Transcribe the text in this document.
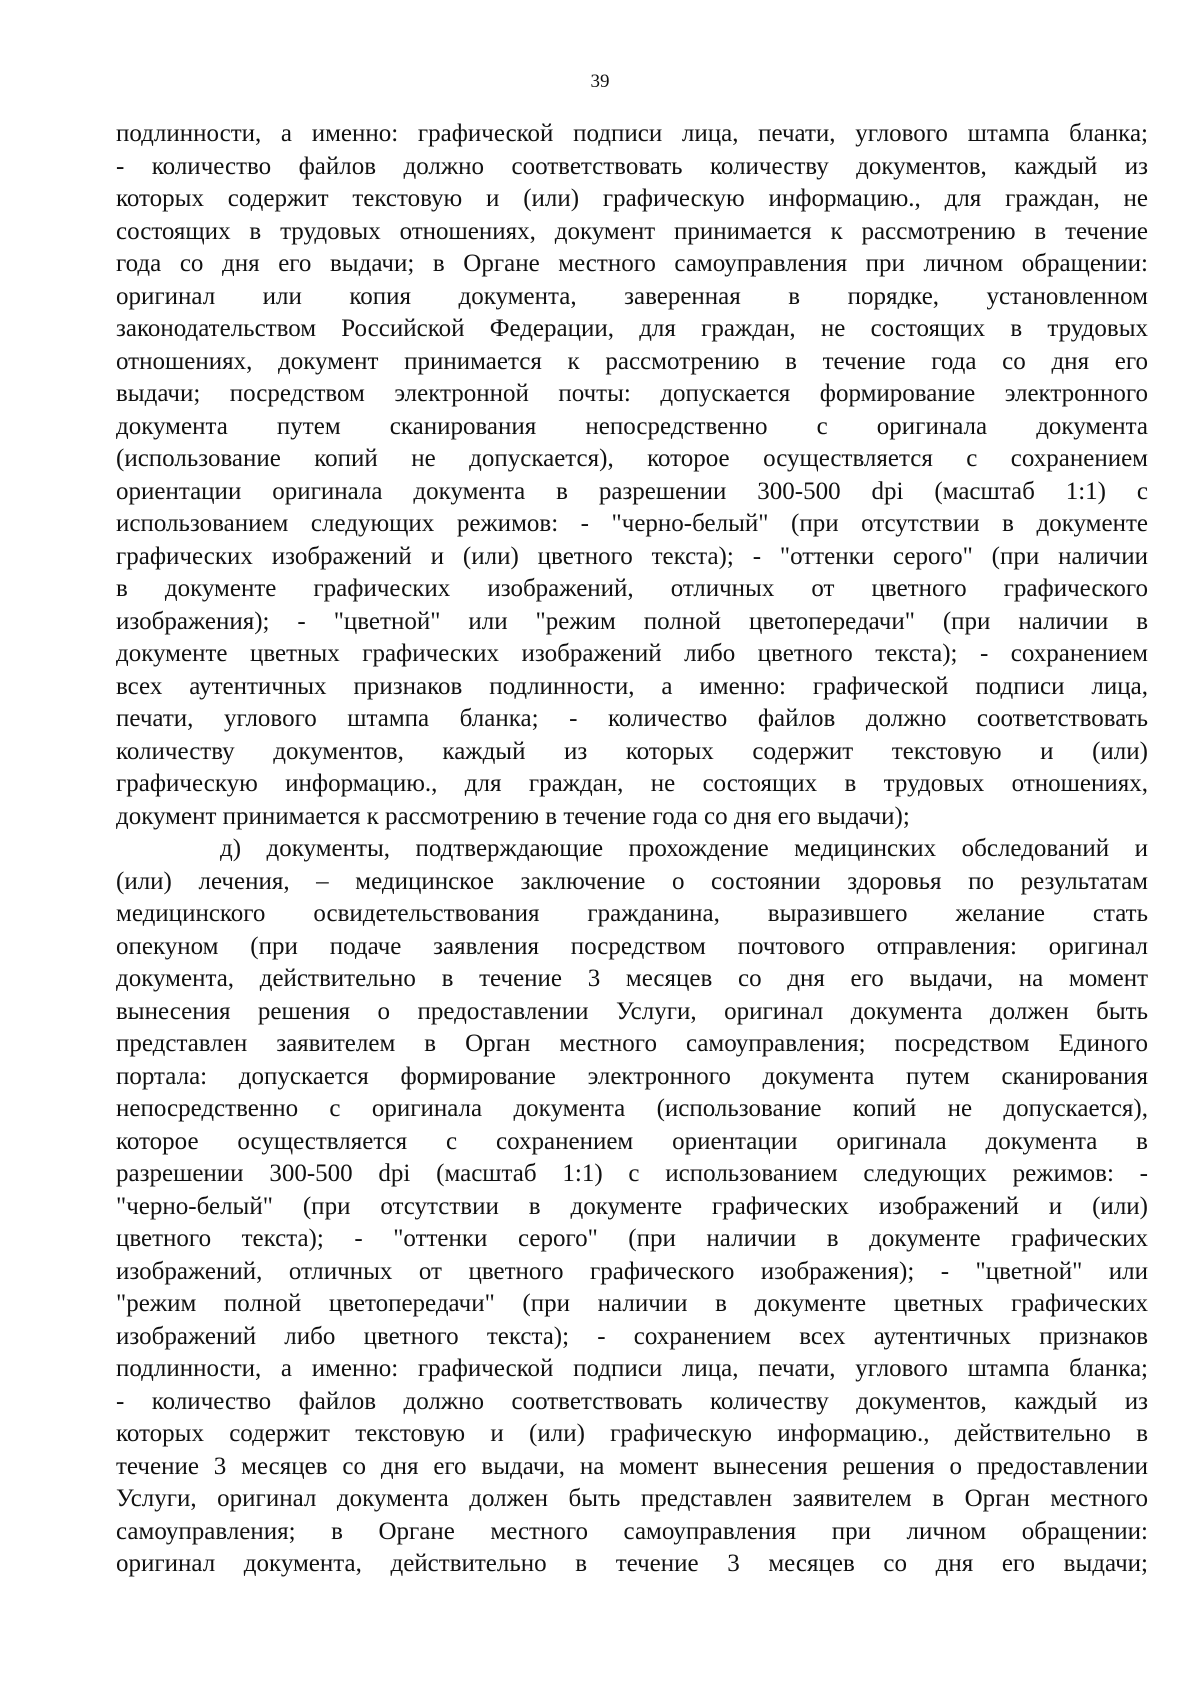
39
подлинности, а именно: графической подписи лица, печати, углового штампа бланка;
- количество файлов должно соответствовать количеству документов, каждый из
которых содержит текстовую и (или) графическую информацию., для граждан, не
состоящих в трудовых отношениях, документ принимается к рассмотрению в течение
года со дня его выдачи; в Органе местного самоуправления при личном обращении:
оригинал или копия документа, заверенная в порядке, установленном
законодательством Российской Федерации, для граждан, не состоящих в трудовых
отношениях, документ принимается к рассмотрению в течение года со дня его
выдачи; посредством электронной почты: допускается формирование электронного
документа путем сканирования непосредственно с оригинала документа
(использование копий не допускается), которое осуществляется с сохранением
ориентации оригинала документа в разрешении 300-500 dpi (масштаб 1:1) с
использованием следующих режимов: - "черно-белый" (при отсутствии в документе
графических изображений и (или) цветного текста); - "оттенки серого" (при наличии
в документе графических изображений, отличных от цветного графического
изображения); - "цветной" или "режим полной цветопередачи" (при наличии в
документе цветных графических изображений либо цветного текста); - сохранением
всех аутентичных признаков подлинности, а именно: графической подписи лица,
печати, углового штампа бланка; - количество файлов должно соответствовать
количеству документов, каждый из которых содержит текстовую и (или)
графическую информацию., для граждан, не состоящих в трудовых отношениях,
документ принимается к рассмотрению в течение года со дня его выдачи);
д) документы, подтверждающие прохождение медицинских обследований и
(или) лечения, – медицинское заключение о состоянии здоровья по результатам
медицинского освидетельствования гражданина, выразившего желание стать
опекуном (при подаче заявления посредством почтового отправления: оригинал
документа, действительно в течение 3 месяцев со дня его выдачи, на момент
вынесения решения о предоставлении Услуги, оригинал документа должен быть
представлен заявителем в Орган местного самоуправления; посредством Единого
портала: допускается формирование электронного документа путем сканирования
непосредственно с оригинала документа (использование копий не допускается),
которое осуществляется с сохранением ориентации оригинала документа в
разрешении 300-500 dpi (масштаб 1:1) с использованием следующих режимов: -
"черно-белый" (при отсутствии в документе графических изображений и (или)
цветного текста); - "оттенки серого" (при наличии в документе графических
изображений, отличных от цветного графического изображения); - "цветной" или
"режим полной цветопередачи" (при наличии в документе цветных графических
изображений либо цветного текста); - сохранением всех аутентичных признаков
подлинности, а именно: графической подписи лица, печати, углового штампа бланка;
- количество файлов должно соответствовать количеству документов, каждый из
которых содержит текстовую и (или) графическую информацию., действительно в
течение 3 месяцев со дня его выдачи, на момент вынесения решения о предоставлении
Услуги, оригинал документа должен быть представлен заявителем в Орган местного
самоуправления; в Органе местного самоуправления при личном обращении:
оригинал документа, действительно в течение 3 месяцев со дня его выдачи;
